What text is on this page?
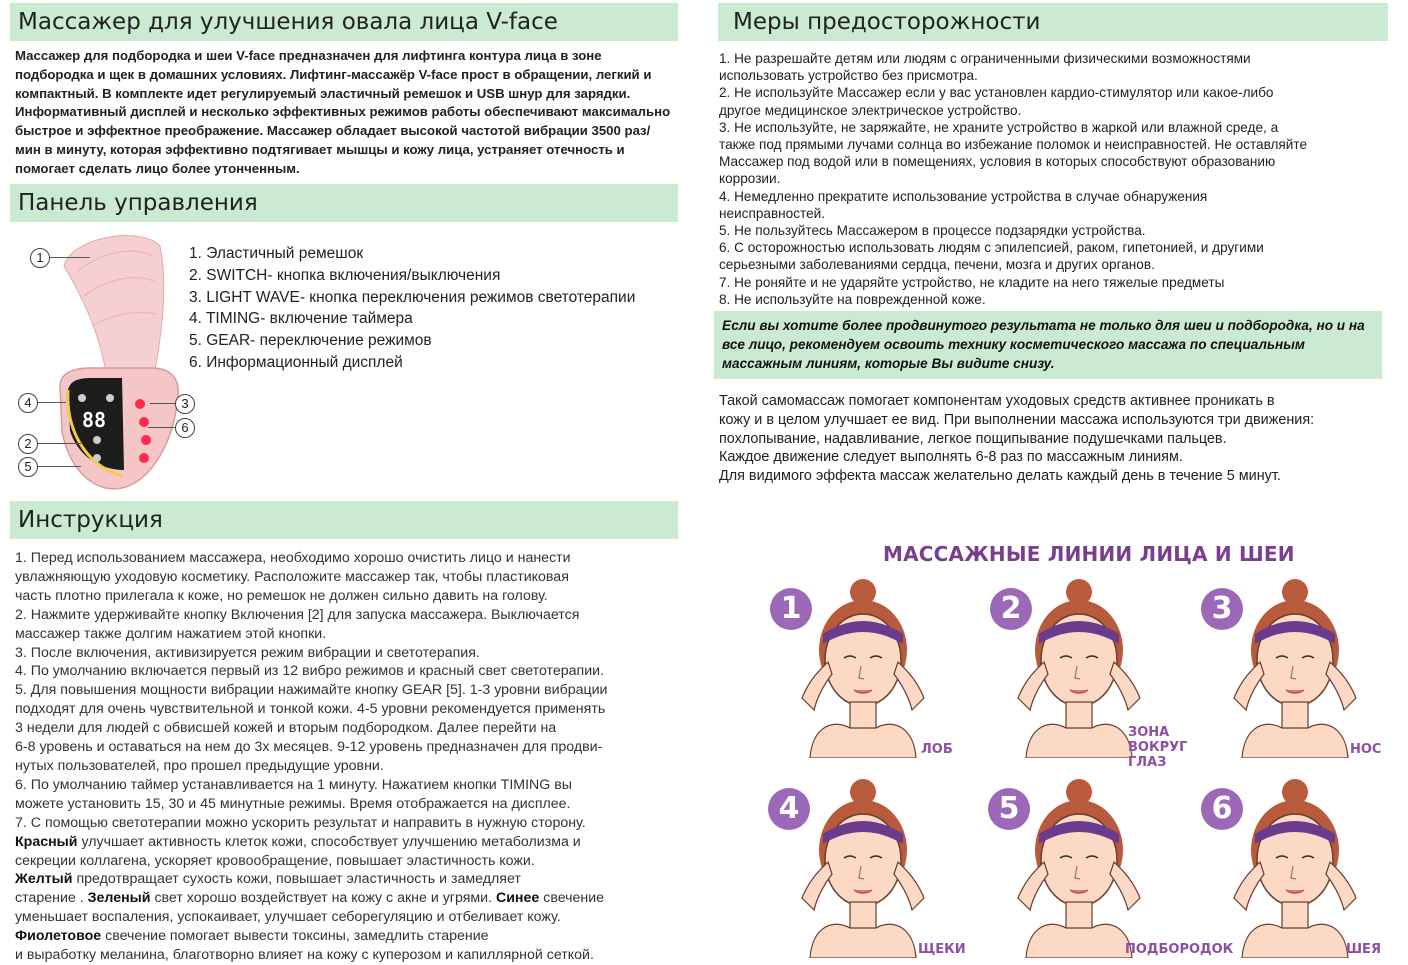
Массажер для улучшения овала лица V-face

Массажер для подбородка и шеи V-face предназначен для лифтинга контура лица в зоне подбородка и щек в домашних условиях. Лифтинг-массажёр V-face прост в обращении, легкий и компактный. В комплекте идет регулируемый эластичный ремешок и USB шнур для зарядки. Информативный дисплей и несколько эффективных режимов работы обеспечивают максимально быстрое и эффектное преображение. Массажер обладает высокой частотой вибрации 3500 раз/мин в минуту, которая эффективно подтягивает мышцы и кожу лица, устраняет отечность и помогает сделать лицо более утонченным.

Панель управления
88
1
4
2
5
3
6
1. Эластичный ремешок
2. SWITCH- кнопка включения/выключения
3. LIGHT WAVE- кнопка переключения режимов светотерапии
4. TIMING- включение таймера
5. GEAR- переключение режимов
6. Информационный дисплей
Инструкция
1. Перед использованием массажера, необходимо хорошо очистить лицо и нанести
увлажняющую уходовую косметику. Расположите массажер так, чтобы пластиковая
часть плотно прилегала к коже, но ремешок не должен сильно давить на голову.
2. Нажмите удерживайте кнопку Включения [2] для запуска массажера. Выключается
массажер также долгим нажатием этой кнопки.
3. После включения, активизируется режим вибрации и светотерапия.
4. По умолчанию включается первый из 12 вибро режимов и красный свет светотерапии.
5. Для повышения мощности вибрации нажимайте кнопку GEAR [5]. 1-3 уровни вибрации
подходят для очень чувствительной и тонкой кожи. 4-5 уровни рекомендуется применять
3 недели для людей с обвисшей кожей и вторым подбородком. Далее перейти на
6-8 уровень и оставаться на нем до 3х месяцев. 9-12 уровень предназначен для продви-
нутых пользователей, про прошел предыдущие уровни.
6. По умолчанию таймер устанавливается на 1 минуту. Нажатием кнопки TIMING вы
можете установить 15, 30 и 45 минутные режимы. Время отображается на дисплее.
7. С помощью светотерапии можно ускорить результат и направить в нужную сторону.
Красный улучшает активность клеток кожи, способствует улучшению метаболизма и
секреции коллагена, ускоряет кровообращение, повышает эластичность кожи.
Желтый предотвращает сухость кожи, повышает эластичность и замедляет
старение . Зеленый свет хорошо воздействует на кожу с акне и угрями. Синее свечение
уменьшает воспаления, успокаивает, улучшает себорегуляцию и отбеливает кожу.
Фиолетовое свечение помогает вывести токсины, замедлить старение
и выработку меланина, благотворно влияет на кожу с куперозом и капиллярной сеткой.
Меры предосторожности
1. Не разрешайте детям или людям с ограниченными физическими возможностями
использовать устройство без присмотра.
2. Не используйте Массажер если у вас установлен кардио-стимулятор или какое-либо
другое медицинское электрическое устройство.
3. Не используйте, не заряжайте, не храните устройство в жаркой или влажной среде, а
также под прямыми лучами солнца во избежание поломок и неисправностей. Не оставляйте
Массажер под водой или в помещениях, условия в которых способствуют образованию
коррозии.
4. Немедленно прекратите использование устройства в случае обнаружения
неисправностей.
5. Не пользуйтесь Массажером в процессе подзарядки устройства.
6. С осторожностью использовать людям с эпилепсией, раком, гипетонией, и другими
серьезными заболеваниями сердца, печени, мозга и других органов.
7. Не роняйте и не ударяйте устройство, не кладите на него тяжелые предметы
8. Не используйте на поврежденной коже.
Если вы хотите более продвинутого результата не только для шеи и подбородка, но и на все лицо, рекомендуем освоить технику косметического массажа по специальным массажным линиям, которые Вы видите снизу.
Такой самомассаж помогает компонентам уходовых средств активнее проникать в
кожу и в целом улучшает ее вид. При выполнении массажа используются три движения:
похлопывание, надавливание, легкое пощипывание подушечками пальцев.
Каждое движение следует выполнять 6-8 раз по массажным линиям.
Для видимого эффекта массаж желательно делать каждый день в течение 5 минут.
МАССАЖНЫЕ ЛИНИИ ЛИЦА И ШЕИ
1	2	3
4	5	6
ЛОБ
ЗОНА ВОКРУГ ГЛАЗ
НОС
ЩЕКИ	ПОДБОРОДОК	ШЕЯ
